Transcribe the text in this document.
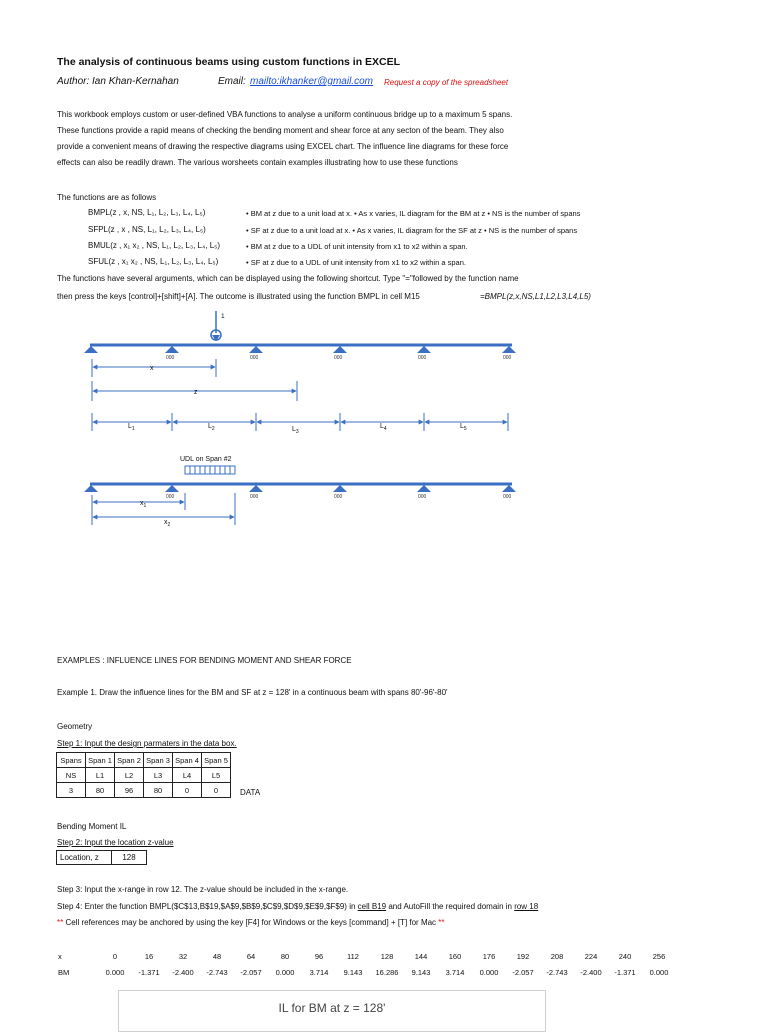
The analysis of continuous beams using custom functions in EXCEL
Author: Ian Khan-Kernahan	Email: mailto:ikhanker@gmail.com Request a copy of the spreadsheet
This workbook employs custom or user-defined VBA functions to analyse a uniform continuous bridge up to a maximum 5 spans.
These functions provide a rapid means of checking the bending moment and shear force at any secton of the beam. They also
provide a convenient means of drawing the respective diagrams using EXCEL chart. The influence line diagrams for these force
effects can also be readily drawn. The various worsheets contain examples illustrating how to use these functions
The functions are as follows
BMPL(z , x, NS, L₁, L₂, L₃, L₄, L₅)	• BM at z due to a unit load at x. • As x varies, IL diagram for the BM at z • NS is the number of spans
SFPL(z , x , NS, L₁, L₂, L₃, L₄, L₅)	• SF at z due to a unit load at x. • As x varies, IL diagram for the SF at z • NS is the number of spans
BMUL(z , x₁ x₂ , NS, L₁, L₂, L₃, L₄, L₅)	• BM at z due to a UDL of unit intensity from x1 to x2 within a span.
SFUL(z , x₁ x₂ , NS, L₁, L₂, L₃, L₄, L₅)	• SF at z due to a UDL of unit intensity from x1 to x2 within a span.
The functions have several arguments, which can be displayed using the following shortcut. Type "="followed by the function name
then press the keys [control]+[shift]+[A]. The outcome is illustrated using the function BMPL in cell M15	=BMPL(z,x,NS,L1,L2,L3,L4,L5)
1
000	000	000	000	000
x
z
$L_1$	$L_2$	$L_3$
$L_4$	$L_5$
UDL on Span #2
000	000	000	000	000
$x_1$
$x_2$
EXAMPLES : INFLUENCE LINES FOR BENDING MOMENT AND SHEAR FORCE
Example 1. Draw the influence lines for the BM and SF at z = 128' in a continuous beam with spans 80'-96'-80'
Geometry
Step 1: Input the design parmaters in the data box.
Spans	Span 1	Span 2	Span 3	Span 4	Span 5
NS	L1	L2	L3	L4	L5
3	80	96	80	0	0	DATA
Bending Moment IL
Step 2: Input the location z-value
Location, z	128
Step 3: Input the x-range in row 12. The z-value should be included in the x-range.
Step 4: Enter the function BMPL($C$13,B$19,$A$9,$B$9,$C$9,$D$9,$E$9,$F$9) in cell B19 and AutoFill the required domain in row 18
** Cell references may be anchored by using the key [F4] for Windows or the keys [command] + [T] for Mac **
x	0	16	32	48	64	80	96	112	128	144	160	176	192	208	224	240	256
BM	0.000	-1.371	-2.400	-2.743	-2.057	0.000	3.714	9.143	16.286	9.143	3.714	0.000	-2.057	-2.743	-2.400	-1.371	0.000
IL for BM at z = 128'
